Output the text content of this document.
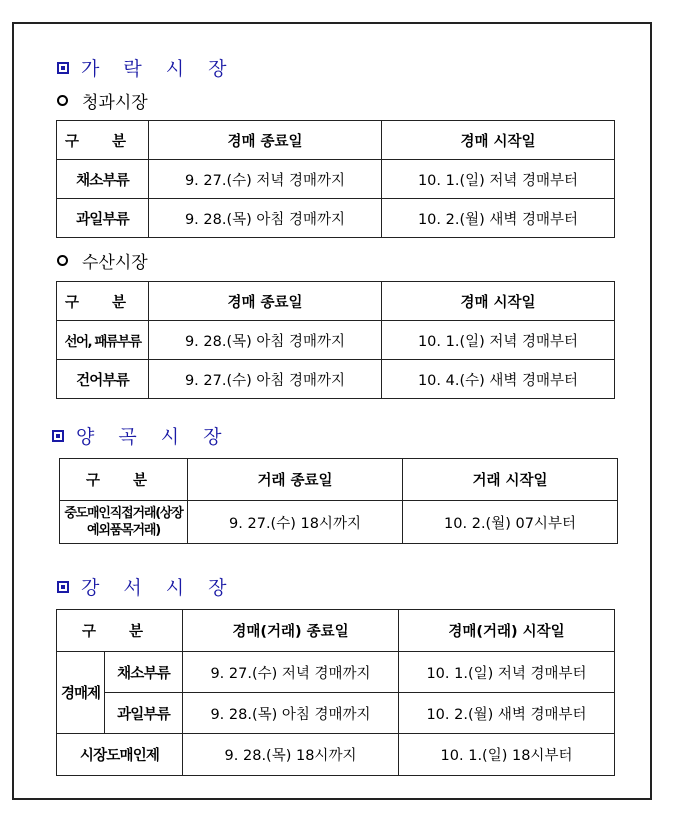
가 락 시 장
청과시장
구 분	경매 종료일	경매 시작일
채소부류	9. 27.(수) 저녁 경매까지	10. 1.(일) 저녁 경매부터
과일부류	9. 28.(목) 아침 경매까지	10. 2.(월) 새벽 경매부터
수산시장
구 분	경매 종료일	경매 시작일
선어, 패류부류	9. 28.(목) 아침 경매까지	10. 1.(일) 저녁 경매부터
건어부류	9. 27.(수) 아침 경매까지	10. 4.(수) 새벽 경매부터
양 곡 시 장
구 분	거래 종료일	거래 시작일
중도매인직접거래(상장예외품목거래)	9. 27.(수) 18시까지	10. 2.(월) 07시부터
강 서 시 장
구 분		경매(거래) 종료일	경매(거래) 시작일
경매제	채소부류	9. 27.(수) 저녁 경매까지	10. 1.(일) 저녁 경매부터
	과일부류	9. 28.(목) 아침 경매까지	10. 2.(월) 새벽 경매부터
시장도매인제		9. 28.(목) 18시까지	10. 1.(일) 18시부터
